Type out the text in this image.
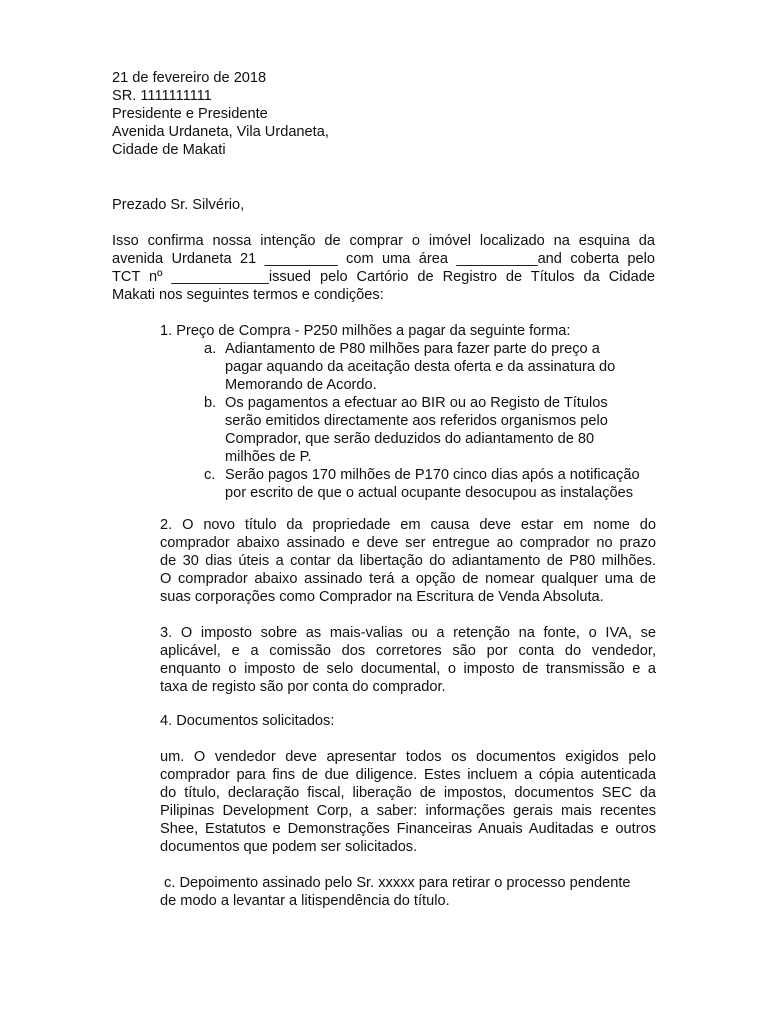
21 de fevereiro de 2018
SR. 1111111111
Presidente e Presidente
Avenida Urdaneta, Vila Urdaneta,
Cidade de Makati
Prezado Sr. Silvério,
Isso confirma nossa intenção de comprar o imóvel localizado na esquina da
avenida Urdaneta 21 _________ com uma área __________and coberta pelo
TCT nº ____________issued pelo Cartório de Registro de Títulos da Cidade
Makati nos seguintes termos e condições:
1. Preço de Compra - P250 milhões a pagar da seguinte forma:
a. Adiantamento de P80 milhões para fazer parte do preço a
pagar aquando da aceitação desta oferta e da assinatura do
Memorando de Acordo.
b. Os pagamentos a efectuar ao BIR ou ao Registo de Títulos
serão emitidos directamente aos referidos organismos pelo
Comprador, que serão deduzidos do adiantamento de 80
milhões de P.
c. Serão pagos 170 milhões de P170 cinco dias após a notificação
por escrito de que o actual ocupante desocupou as instalações
2. O novo título da propriedade em causa deve estar em nome do
comprador abaixo assinado e deve ser entregue ao comprador no prazo
de 30 dias úteis a contar da libertação do adiantamento de P80 milhões.
O comprador abaixo assinado terá a opção de nomear qualquer uma de
suas corporações como Comprador na Escritura de Venda Absoluta.
3. O imposto sobre as mais-valias ou a retenção na fonte, o IVA, se
aplicável, e a comissão dos corretores são por conta do vendedor,
enquanto o imposto de selo documental, o imposto de transmissão e a
taxa de registo são por conta do comprador.
4. Documentos solicitados:
um. O vendedor deve apresentar todos os documentos exigidos pelo
comprador para fins de due diligence. Estes incluem a cópia autenticada
do título, declaração fiscal, liberação de impostos, documentos SEC da
Pilipinas Development Corp, a saber: informações gerais mais recentes
Shee, Estatutos e Demonstrações Financeiras Anuais Auditadas e outros
documentos que podem ser solicitados.
c. Depoimento assinado pelo Sr. xxxxx para retirar o processo pendente
de modo a levantar a litispendência do título.
